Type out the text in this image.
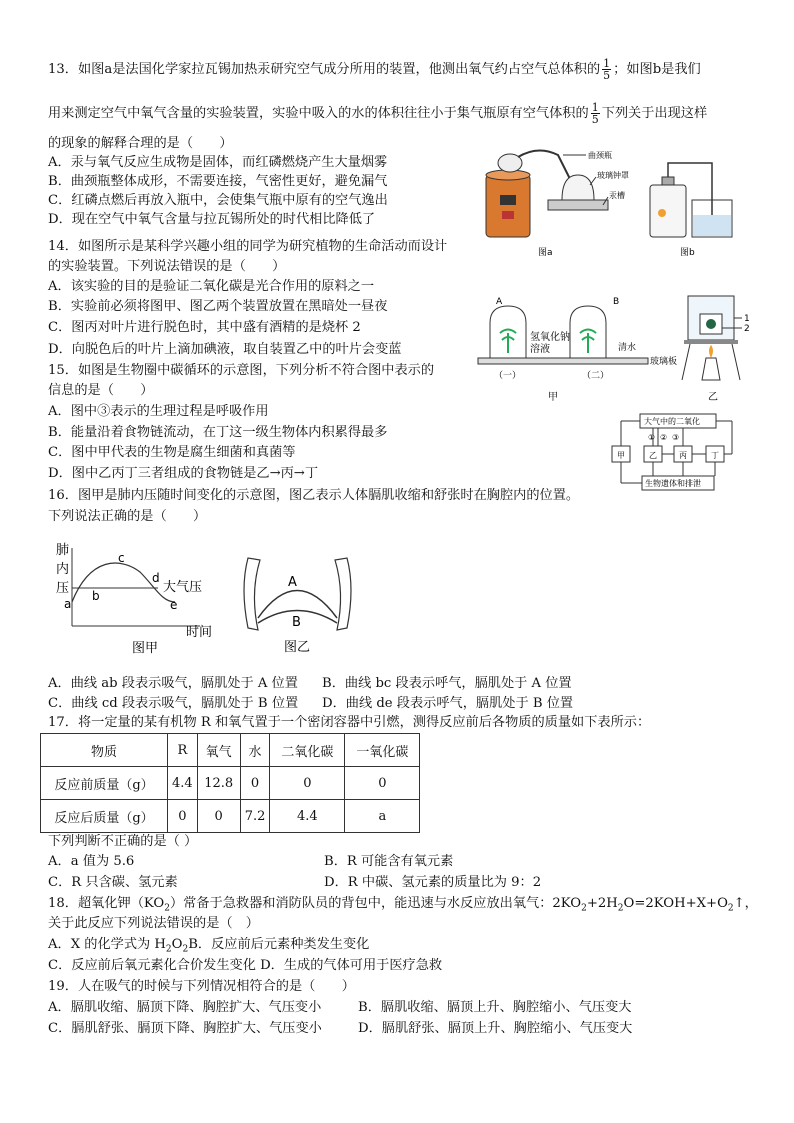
13．如图a是法国化学家拉瓦锡加热汞研究空气成分所用的装置，他测出氧气约占空气总体积的 $\frac{1}{5}$ ；如图b是我们
用来测定空气中氧气含量的实验装置，实验中吸入的水的体积往往小于集气瓶原有空气体积的 $\frac{1}{5}$ 下列关于出现这样
的现象的解释合理的是（　　）
A．汞与氧气反应生成物是固体，而红磷燃烧产生大量烟雾
B．曲颈瓶整体成形，不需要连接，气密性更好，避免漏气
C．红磷点燃后再放入瓶中，会使集气瓶中原有的空气逸出
D．现在空气中氧气含量与拉瓦锡所处的时代相比降低了
曲颈瓶
玻璃钟罩
汞槽
图a	图b
14．如图所示是某科学兴趣小组的同学为研究植物的生命活动而设计
的实验装置。下列说法错误的是（　　）
A．该实验的目的是验证二氧化碳是光合作用的原料之一
B．实验前必须将图甲、图乙两个装置放置在黑暗处一昼夜
C．图丙对叶片进行脱色时，其中盛有酒精的是烧杯 2
D．向脱色后的叶片上滴加碘液，取自装置乙中的叶片会变蓝
A	B
氢氧化钠
溶液	清水
玻璃板
（一）	（二）
甲
1
2
乙
15．如图是生物圈中碳循环的示意图，下列分析不符合图中表示的
信息的是（　　）
A．图中③表示的生理过程是呼吸作用
B．能量沿着食物链流动，在丁这一级生物体内积累得最多
C．图中甲代表的生物是腐生细菌和真菌等
D．图中乙丙丁三者组成的食物链是乙→丙→丁
大气中的二氧化
甲	乙	丙	丁
生物遗体和排泄
① ② ③
16．图甲是肺内压随时间变化的示意图，图乙表示人体膈肌收缩和舒张时在胸腔内的位置。
下列说法正确的是（　　）
肺
内
压
a
b
c
d
e
大气压
时间
图甲
A
B
图乙
A．曲线 ab 段表示吸气，膈肌处于 A 位置 B．曲线 bc 段表示呼气，膈肌处于 A 位置
C．曲线 cd 段表示吸气，膈肌处于 B 位置 D．曲线 de 段表示呼气，膈肌处于 B 位置
17．将一定量的某有机物 R 和氧气置于一个密闭容器中引燃，测得反应前后各物质的质量如下表所示：
物质	R	氧气	水	二氧化碳	一氧化碳
反应前质量（g）	4.4	12.8	0	0	0
反应后质量（g）	0	0	7.2	4.4	a
下列判断不正确的是（ ）
A．a 值为 5.6	B．R 可能含有氧元素
C．R 只含碳、氢元素	D．R 中碳、氢元素的质量比为 9：2
18．超氧化钾$(KO_2)$常备于急救器和消防队员的背包中，能迅速与水反应放出氧气：$2KO_2+2H_2O=2KOH+X+O_2↑$，
关于此反应下列说法错误的是（　）
A．X 的化学式为 $H_2O_2B$．反应前后元素种类发生变化
C．反应前后氧元素化合价发生变化 D．生成的气体可用于医疗急救
19．人在吸气的时候与下列情况相符合的是（　　）
A．膈肌收缩、膈顶下降、胸腔扩大、气压变小	B．膈肌收缩、膈顶上升、胸腔缩小、气压变大
C．膈肌舒张、膈顶下降、胸腔扩大、气压变小	D．膈肌舒张、膈顶上升、胸腔缩小、气压变大
